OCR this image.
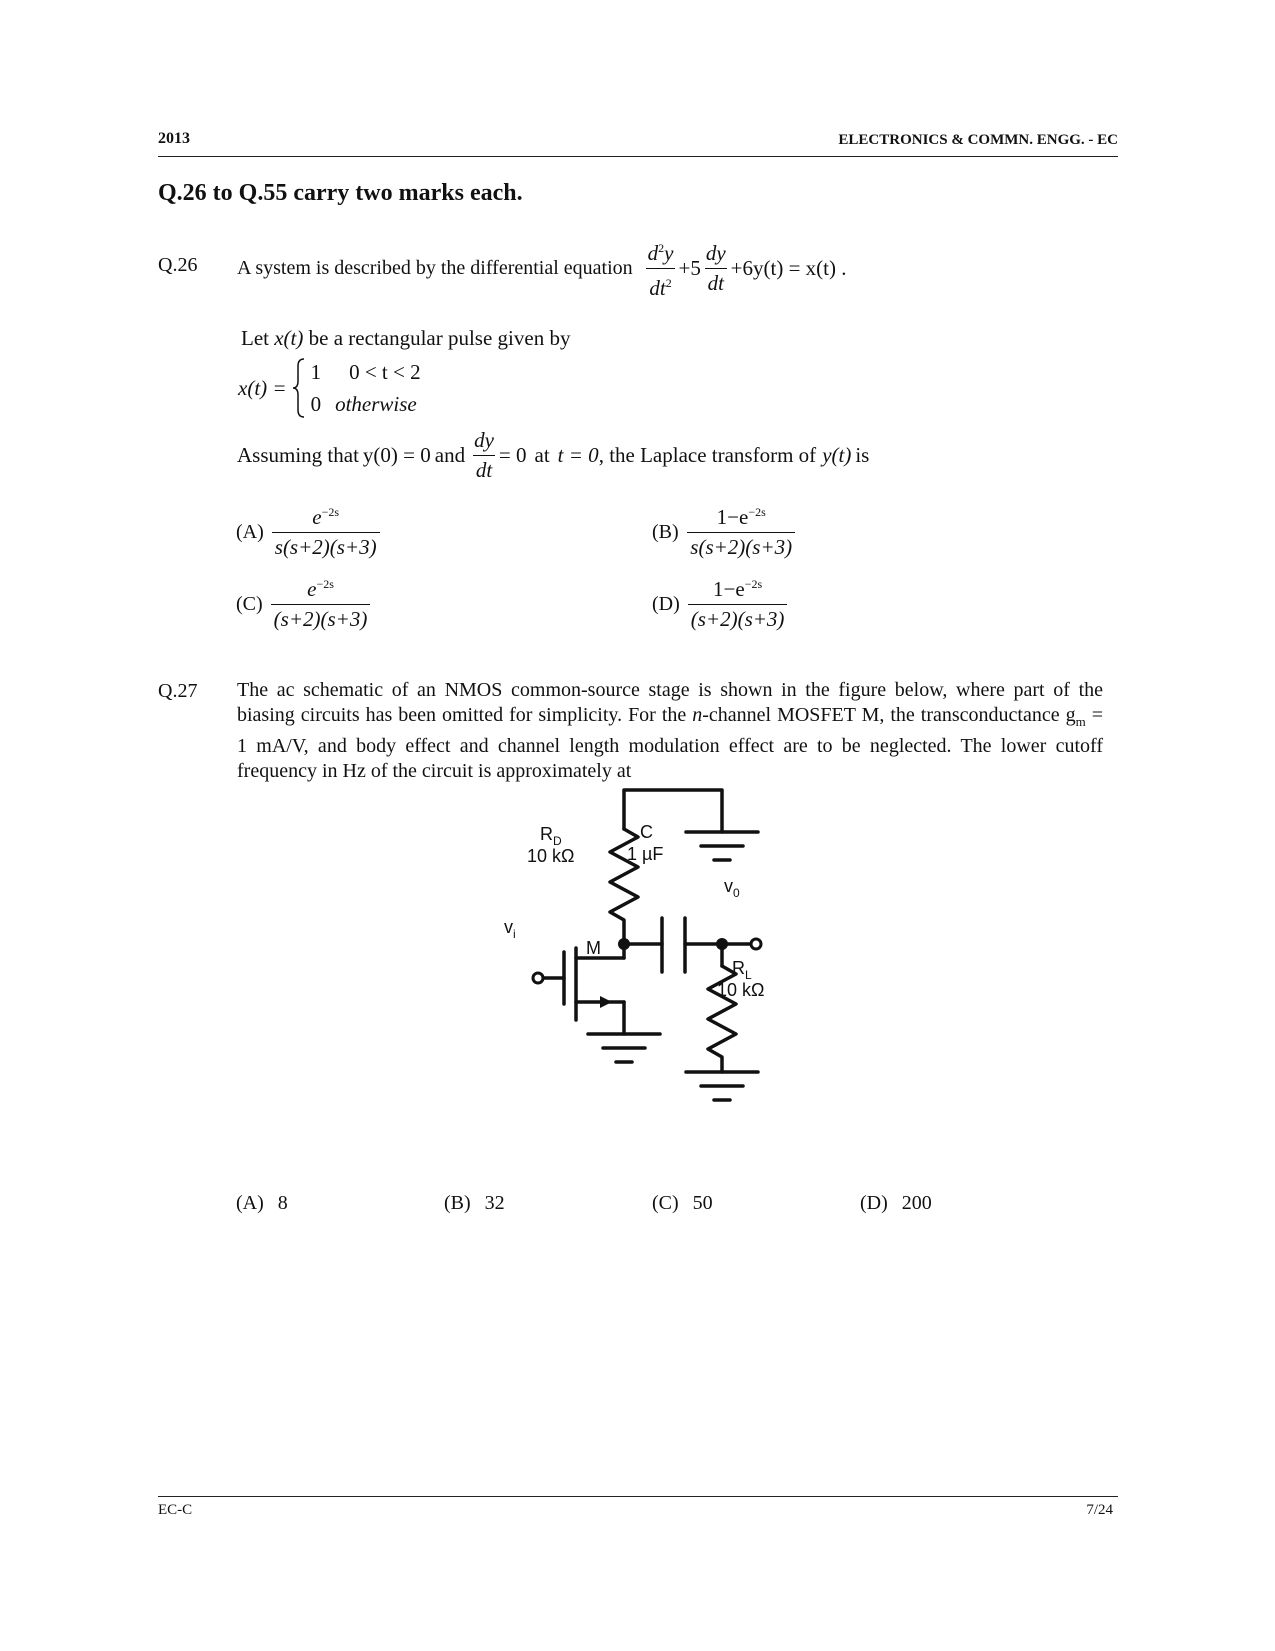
2013	ELECTRONICS & COMMN. ENGG. - EC
Q.26 to Q.55 carry two marks each.
Q.26 A system is described by the differential equation $\frac{d^2y}{dt^2} +5 \frac{dy}{dt} +6y(t) = x(t)$ .
Let x(t) be a rectangular pulse given by
x(t) =
1 0 < t < 2
0 otherwise
Assuming that y(0) = 0 and $\frac{dy}{dt} = 0$ at t = 0 , the Laplace transform of y(t) is
$(A) \frac{e^{-2s}}{s(s+2)(s+3)}$	$(B) \frac{1-e^{-2s}}{s(s+2)(s+3)}$
$(C) \frac{e^{-2s}}{(s+2)(s+3)}$	$(D) \frac{1-e^{-2s}}{(s+2)(s+3)}$
Q.27 The ac schematic of an NMOS common-source stage is shown in the figure below, where part of the biasing circuits has been omitted for simplicity. For the n-channel MOSFET M, the transconductance $g_m = 1$ mA/V, and body effect and channel length modulation effect are to be neglected. The lower cutoff frequency in Hz of the circuit is approximately at
$R_D$
10 kΩ
C
1 µF
$v_0$
$v_i$
M
$R_L$
10 kΩ
(A) 8	(B) 32	(C) 50	(D) 200
EC-C	7/24
